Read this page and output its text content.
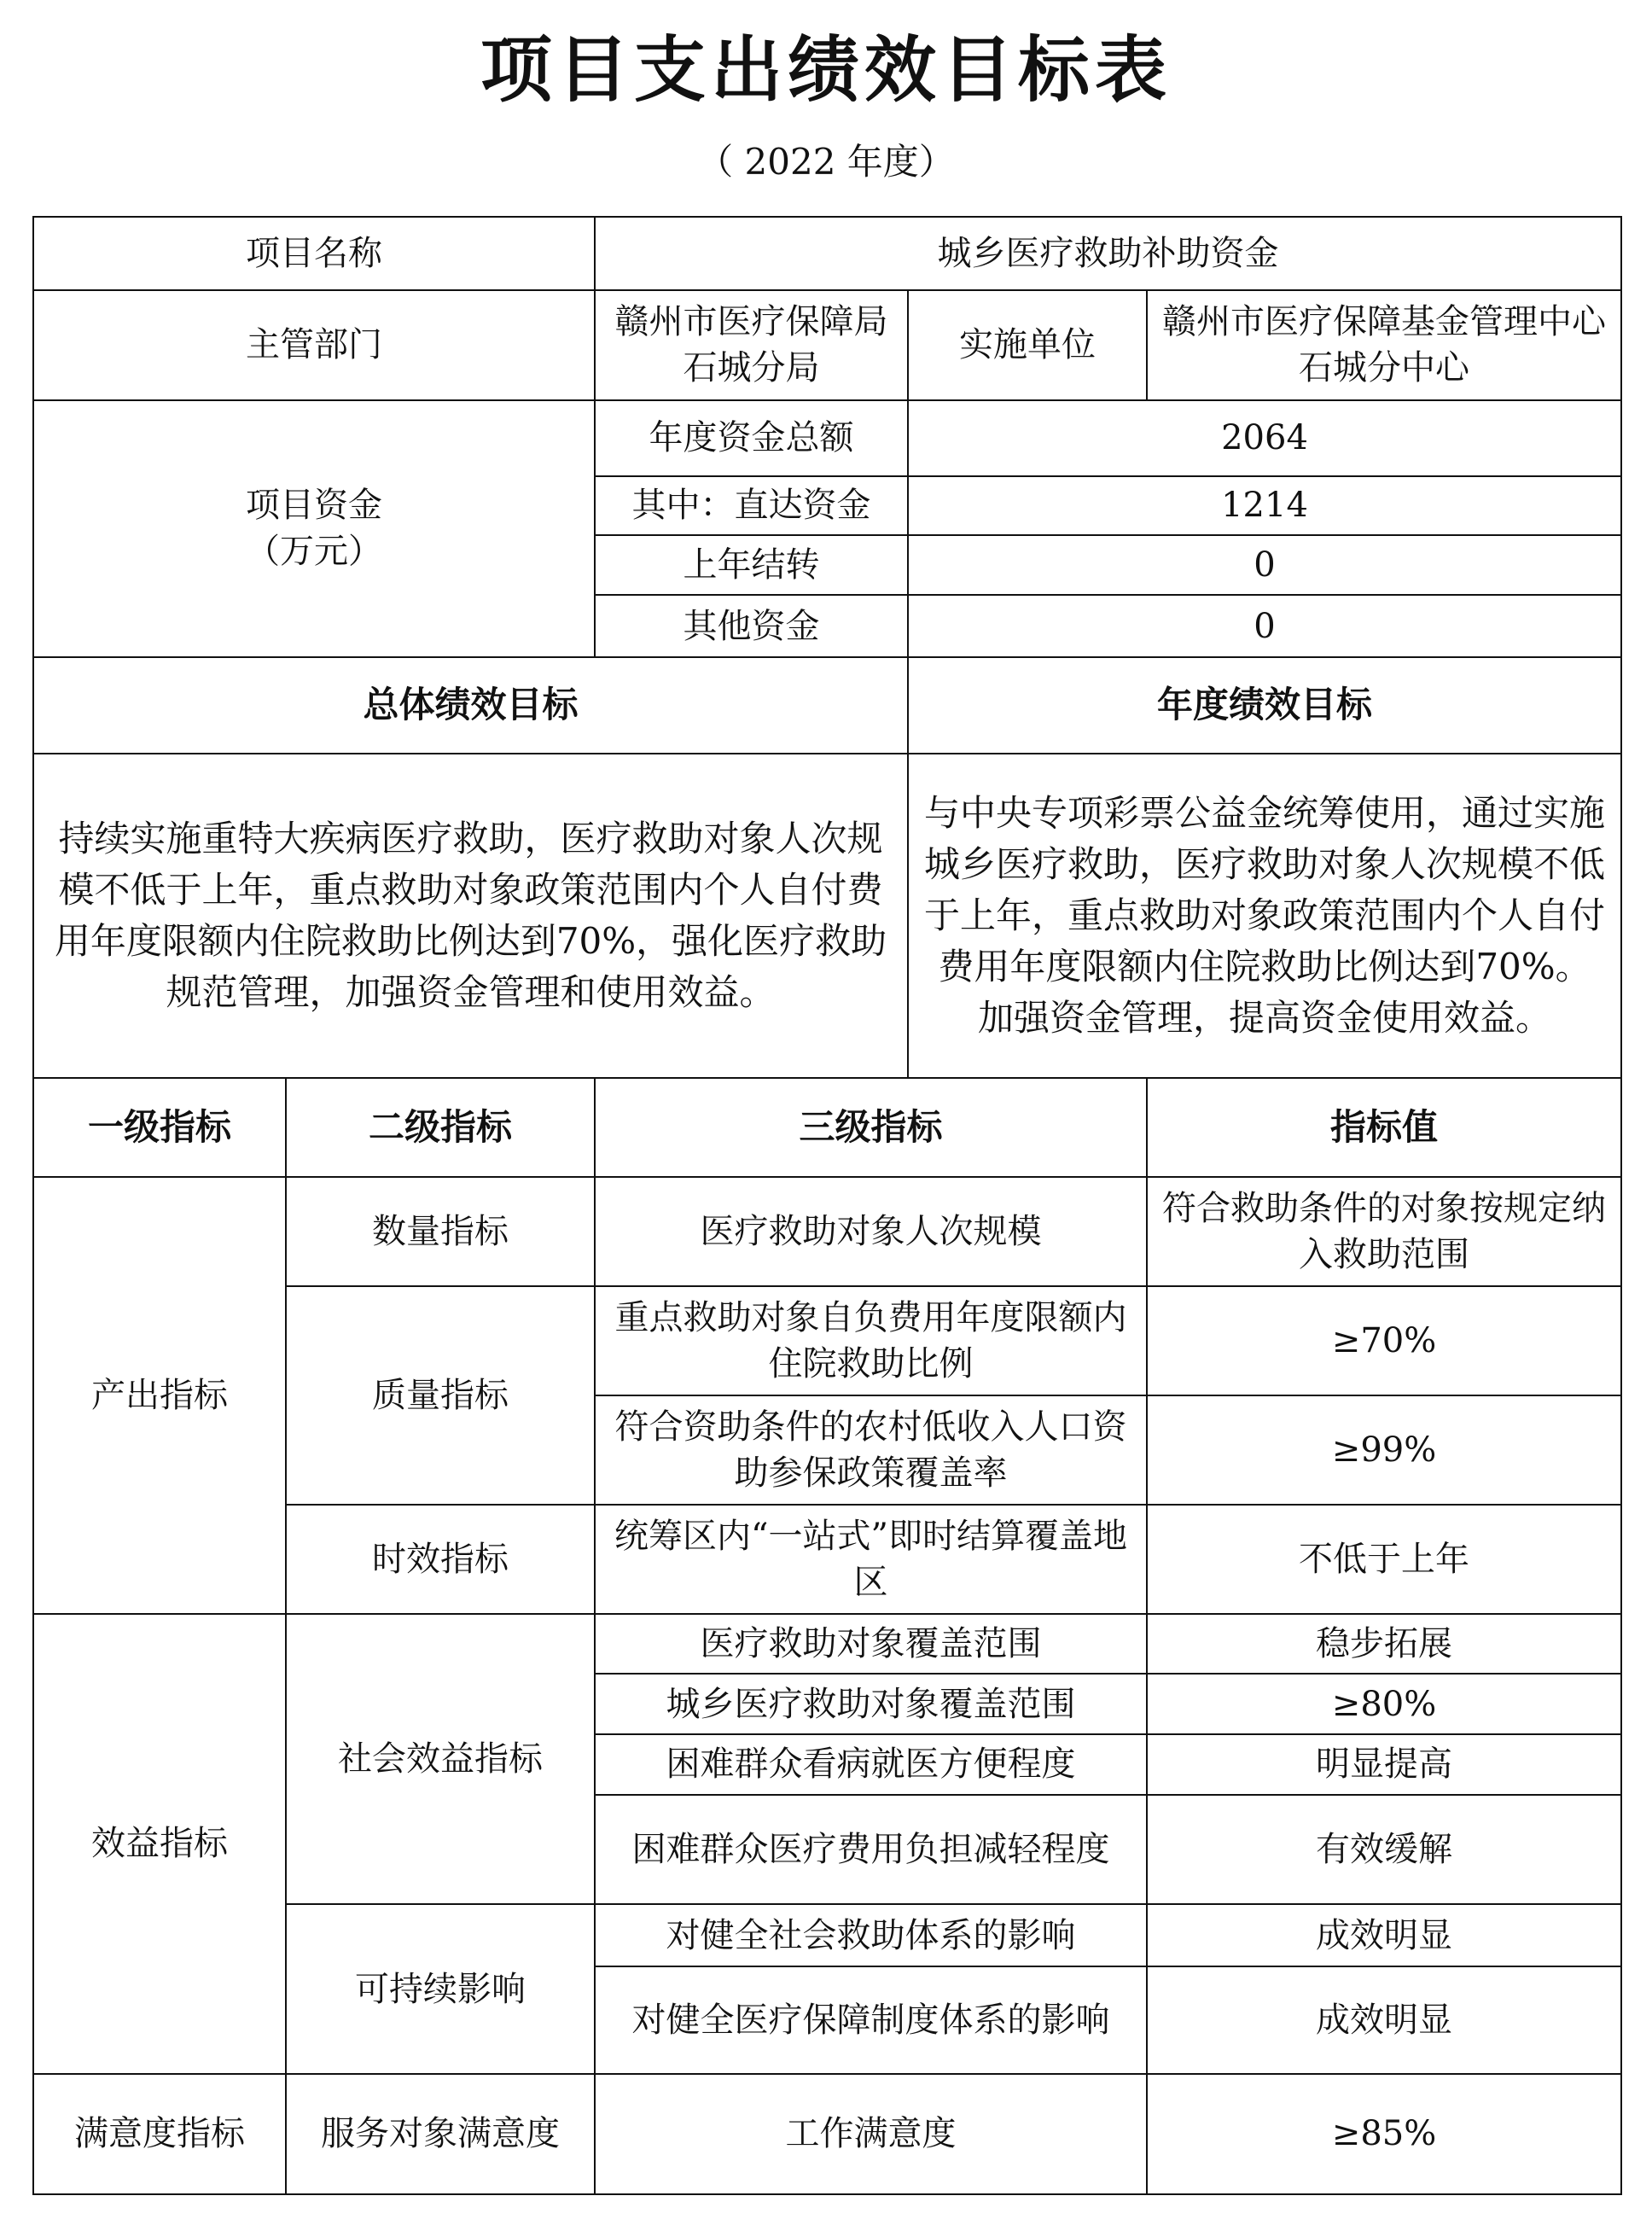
项目支出绩效目标表
（ 2022 年度）
项目名称		城乡医疗救助补助资金		
主管部门		赣州市医疗保障局石城分局	实施单位	赣州市医疗保障基金管理中心石城分中心

项目资金
（万元）		年度资金总额	2064	
		其中：直达资金	1214	
		上年结转	0	
		其他资金	0	
总体绩效目标			年度绩效目标	
持续实施重特大疾病医疗救助，医疗救助对象人次规模不低于上年，重点救助对象政策范围内个人自付费用年度限额内住院救助比例达到70%，强化医疗救助规范管理，加强资金管理和使用效益。			与中央专项彩票公益金统筹使用，通过实施城乡医疗救助，医疗救助对象人次规模不低于上年，重点救助对象政策范围内个人自付费用年度限额内住院救助比例达到70%。加强资金管理，提高资金使用效益。	
一级指标	二级指标	三级指标		指标值
产出指标	数量指标	医疗救助对象人次规模		符合救助条件的对象按规定纳入救助范围
	质量指标	重点救助对象自负费用年度限额内住院救助比例		≥70%
		符合资助条件的农村低收入人口资助参保政策覆盖率		≥99%
	时效指标	统筹区内“一站式”即时结算覆盖地区		不低于上年
效益指标	社会效益指标	医疗救助对象覆盖范围		稳步拓展
		城乡医疗救助对象覆盖范围		≥80%
		困难群众看病就医方便程度		明显提高
		困难群众医疗费用负担减轻程度		有效缓解
	可持续影响	对健全社会救助体系的影响		成效明显
		对健全医疗保障制度体系的影响		成效明显
满意度指标	服务对象满意度	工作满意度		≥85%
